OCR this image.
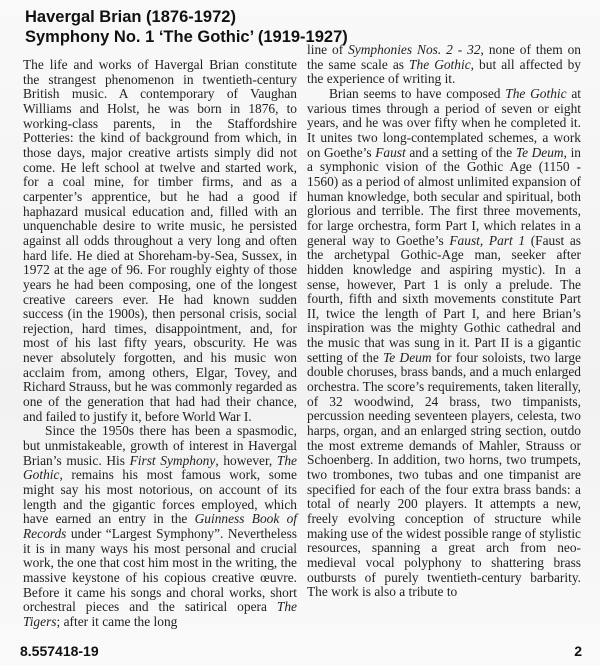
Havergal Brian (1876-1972)
Symphony No. 1 ‘The Gothic’ (1919-1927)

The life and works of Havergal Brian constitute the strangest phenomenon in twentieth-century British music. A contemporary of Vaughan Williams and Holst, he was born in 1876, to working-class parents, in the Staffordshire Potteries: the kind of background from which, in those days, major creative artists simply did not come. He left school at twelve and started work, for a coal mine, for timber firms, and as a carpenter’s apprentice, but he had a good if haphazard musical education and, filled with an unquenchable desire to write music, he persisted against all odds throughout a very long and often hard life. He died at Shoreham-by-Sea, Sussex, in 1972 at the age of 96. For roughly eighty of those years he had been composing, one of the longest creative careers ever. He had known sudden success (in the 1900s), then personal crisis, social rejection, hard times, disappointment, and, for most of his last fifty years, obscurity. He was never absolutely forgotten, and his music won acclaim from, among others, Elgar, Tovey, and Richard Strauss, but he was commonly regarded as one of the generation that had had their chance, and failed to justify it, before World War I.

Since the 1950s there has been a spasmodic, but unmistakeable, growth of interest in Havergal Brian’s music. His First Symphony, however, The Gothic, remains his most famous work, some might say his most notorious, on account of its length and the gigantic forces employed, which have earned an entry in the Guinness Book of Records under “Largest Symphony”. Nevertheless it is in many ways his most personal and crucial work, the one that cost him most in the writing, the massive keystone of his copious creative œuvre. Before it came his songs and choral works, short orchestral pieces and the satirical opera The Tigers; after it came the long

line of Symphonies Nos. 2 - 32, none of them on the same scale as The Gothic, but all affected by the experience of writing it.

Brian seems to have composed The Gothic at various times through a period of seven or eight years, and he was over fifty when he completed it. It unites two long-contemplated schemes, a work on Goethe’s Faust and a setting of the Te Deum, in a symphonic vision of the Gothic Age (1150 - 1560) as a period of almost unlimited expansion of human knowledge, both secular and spiritual, both glorious and terrible. The first three movements, for large orchestra, form Part I, which relates in a general way to Goethe’s Faust, Part 1 (Faust as the archetypal Gothic-Age man, seeker after hidden knowledge and aspiring mystic). In a sense, however, Part 1 is only a prelude. The fourth, fifth and sixth movements constitute Part II, twice the length of Part I, and here Brian’s inspiration was the mighty Gothic cathedral and the music that was sung in it. Part II is a gigantic setting of the Te Deum for four soloists, two large double choruses, brass bands, and a much enlarged orchestra. The score’s requirements, taken literally, of 32 woodwind, 24 brass, two timpanists, percussion needing seventeen players, celesta, two harps, organ, and an enlarged string section, outdo the most extreme demands of Mahler, Strauss or Schoenberg. In addition, two horns, two trumpets, two trombones, two tubas and one timpanist are specified for each of the four extra brass bands: a total of nearly 200 players. It attempts a new, freely evolving conception of structure while making use of the widest possible range of stylistic resources, spanning a great arch from neo-medieval vocal polyphony to shattering brass outbursts of purely twentieth-century barbarity. The work is also a tribute to

8.557418-19	2
